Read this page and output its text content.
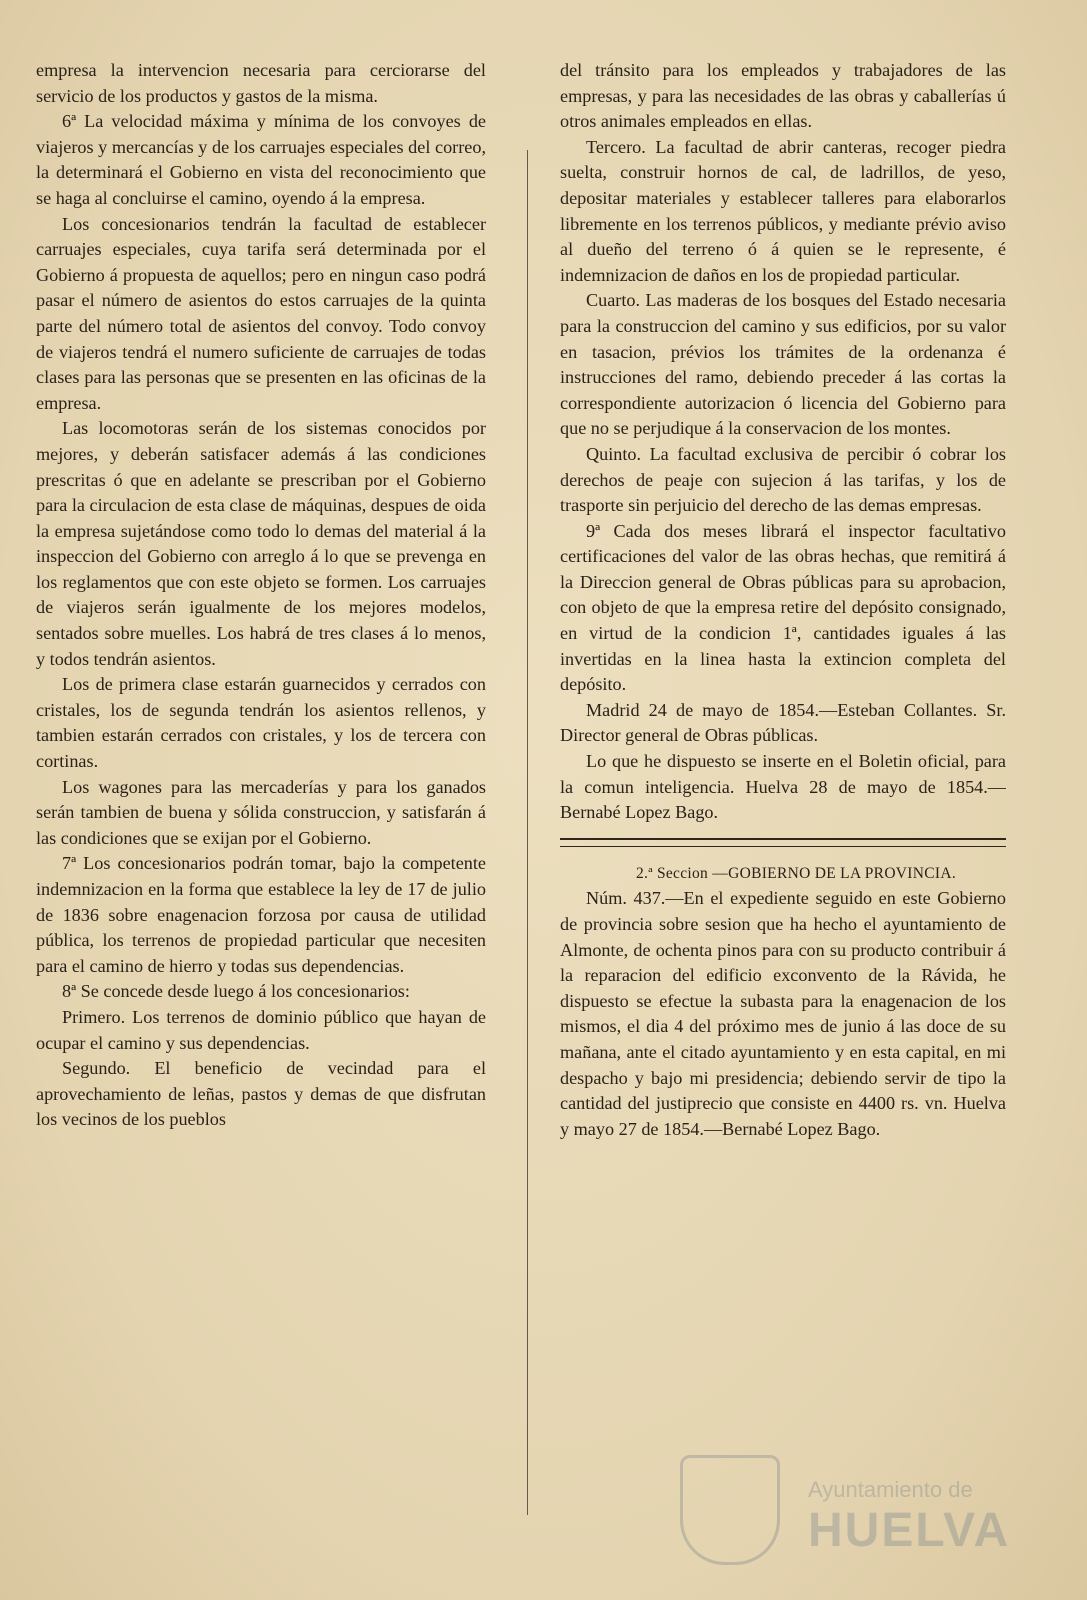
empresa la intervencion necesaria para cerciorarse del servicio de los productos y gastos de la misma.

6ª La velocidad máxima y mínima de los convoyes de viajeros y mercancías y de los carruajes especiales del correo, la determinará el Gobierno en vista del reconocimiento que se haga al concluirse el camino, oyendo á la empresa.

Los concesionarios tendrán la facultad de establecer carruajes especiales, cuya tarifa será determinada por el Gobierno á propuesta de aquellos; pero en ningun caso podrá pasar el número de asientos do estos carruajes de la quinta parte del número total de asientos del convoy. Todo convoy de viajeros tendrá el numero suficiente de carruajes de todas clases para las personas que se presenten en las oficinas de la empresa.

Las locomotoras serán de los sistemas conocidos por mejores, y deberán satisfacer además á las condiciones prescritas ó que en adelante se prescriban por el Gobierno para la circulacion de esta clase de máquinas, despues de oida la empresa sujetándose como todo lo demas del material á la inspeccion del Gobierno con arreglo á lo que se prevenga en los reglamentos que con este objeto se formen. Los carruajes de viajeros serán igualmente de los mejores modelos, sentados sobre muelles. Los habrá de tres clases á lo menos, y todos tendrán asientos.

Los de primera clase estarán guarnecidos y cerrados con cristales, los de segunda tendrán los asientos rellenos, y tambien estarán cerrados con cristales, y los de tercera con cortinas.

Los wagones para las mercaderías y para los ganados serán tambien de buena y sólida construccion, y satisfarán á las condiciones que se exijan por el Gobierno.

7ª Los concesionarios podrán tomar, bajo la competente indemnizacion en la forma que establece la ley de 17 de julio de 1836 sobre enagenacion forzosa por causa de utilidad pública, los terrenos de propiedad particular que necesiten para el camino de hierro y todas sus dependencias.

8ª Se concede desde luego á los concesionarios:

Primero. Los terrenos de dominio público que hayan de ocupar el camino y sus dependencias.

Segundo. El beneficio de vecindad para el aprovechamiento de leñas, pastos y demas de que disfrutan los vecinos de los pueblos

del tránsito para los empleados y trabajadores de las empresas, y para las necesidades de las obras y caballerías ú otros animales empleados en ellas.

Tercero. La facultad de abrir canteras, recoger piedra suelta, construir hornos de cal, de ladrillos, de yeso, depositar materiales y establecer talleres para elaborarlos libremente en los terrenos públicos, y mediante prévio aviso al dueño del terreno ó á quien se le represente, é indemnizacion de daños en los de propiedad particular.

Cuarto. Las maderas de los bosques del Estado necesaria para la construccion del camino y sus edificios, por su valor en tasacion, prévios los trámites de la ordenanza é instrucciones del ramo, debiendo preceder á las cortas la correspondiente autorizacion ó licencia del Gobierno para que no se perjudique á la conservacion de los montes.

Quinto. La facultad exclusiva de percibir ó cobrar los derechos de peaje con sujecion á las tarifas, y los de trasporte sin perjuicio del derecho de las demas empresas.

9ª Cada dos meses librará el inspector facultativo certificaciones del valor de las obras hechas, que remitirá á la Direccion general de Obras públicas para su aprobacion, con objeto de que la empresa retire del depósito consignado, en virtud de la condicion 1ª, cantidades iguales á las invertidas en la linea hasta la extincion completa del depósito.

Madrid 24 de mayo de 1854.—Esteban Collantes. Sr. Director general de Obras públicas.

Lo que he dispuesto se inserte en el Boletin oficial, para la comun inteligencia. Huelva 28 de mayo de 1854.—Bernabé Lopez Bago.

2.ª Seccion —GOBIERNO DE LA PROVINCIA.

Núm. 437.—En el expediente seguido en este Gobierno de provincia sobre sesion que ha hecho el ayuntamiento de Almonte, de ochenta pinos para con su producto contribuir á la reparacion del edificio exconvento de la Rávida, he dispuesto se efectue la subasta para la enagenacion de los mismos, el dia 4 del próximo mes de junio á las doce de su mañana, ante el citado ayuntamiento y en esta capital, en mi despacho y bajo mi presidencia; debiendo servir de tipo la cantidad del justiprecio que consiste en 4400 rs. vn. Huelva y mayo 27 de 1854.—Bernabé Lopez Bago.

Ayuntamiento de
HUELVA
